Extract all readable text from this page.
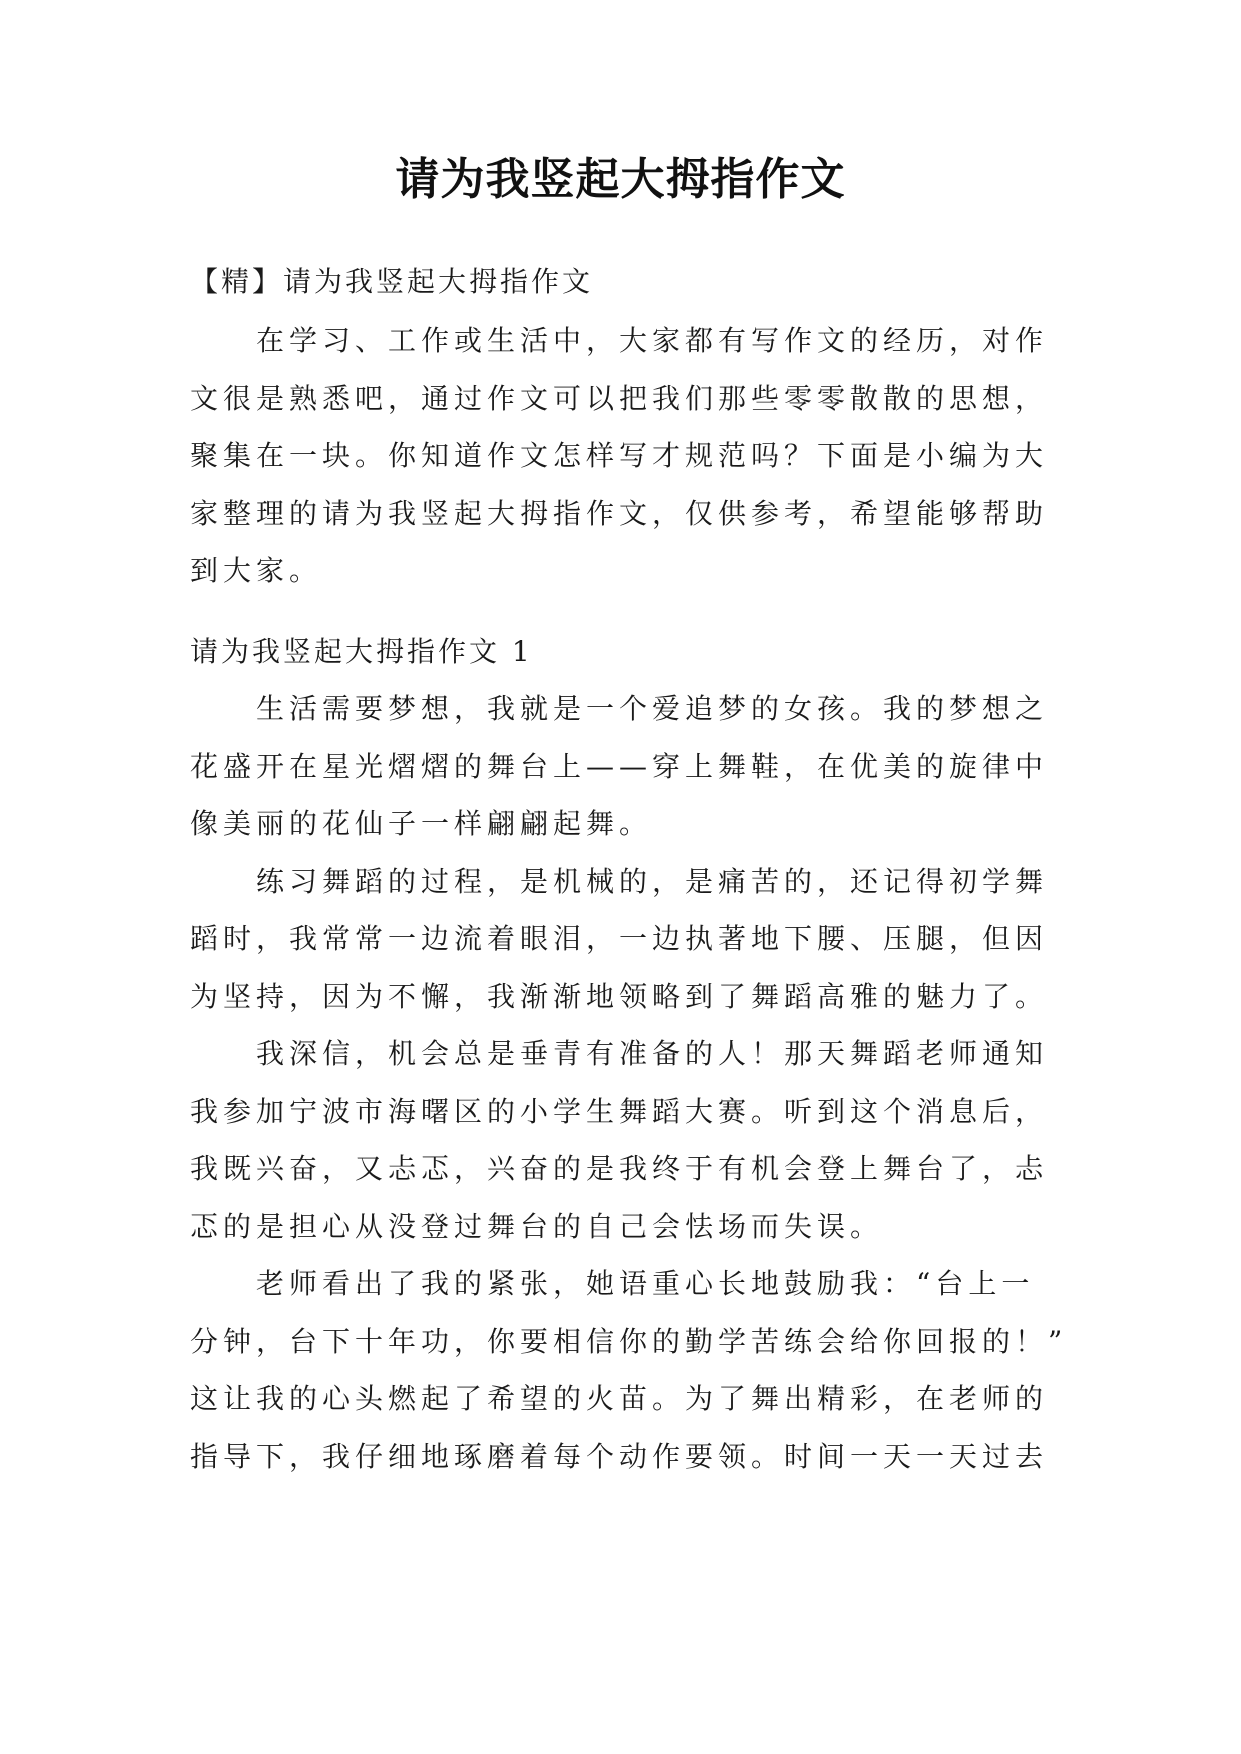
请为我竖起大拇指作文
【精】请为我竖起大拇指作文
　　在学习、工作或生活中，大家都有写作文的经历，对作
文很是熟悉吧，通过作文可以把我们那些零零散散的思想，
聚集在一块。你知道作文怎样写才规范吗？下面是小编为大
家整理的请为我竖起大拇指作文，仅供参考，希望能够帮助
到大家。
请为我竖起大拇指作文 1
　　生活需要梦想，我就是一个爱追梦的女孩。我的梦想之
花盛开在星光熠熠的舞台上——穿上舞鞋，在优美的旋律中
像美丽的花仙子一样翩翩起舞。
　　练习舞蹈的过程，是机械的，是痛苦的，还记得初学舞
蹈时，我常常一边流着眼泪，一边执著地下腰、压腿，但因
为坚持，因为不懈，我渐渐地领略到了舞蹈高雅的魅力了。
　　我深信，机会总是垂青有准备的人！那天舞蹈老师通知
我参加宁波市海曙区的小学生舞蹈大赛。听到这个消息后，
我既兴奋，又忐忑，兴奋的是我终于有机会登上舞台了，忐
忑的是担心从没登过舞台的自己会怯场而失误。
　　老师看出了我的紧张，她语重心长地鼓励我：“台上一
分钟，台下十年功，你要相信你的勤学苦练会给你回报的！”
这让我的心头燃起了希望的火苗。为了舞出精彩，在老师的
指导下，我仔细地琢磨着每个动作要领。时间一天一天过去
